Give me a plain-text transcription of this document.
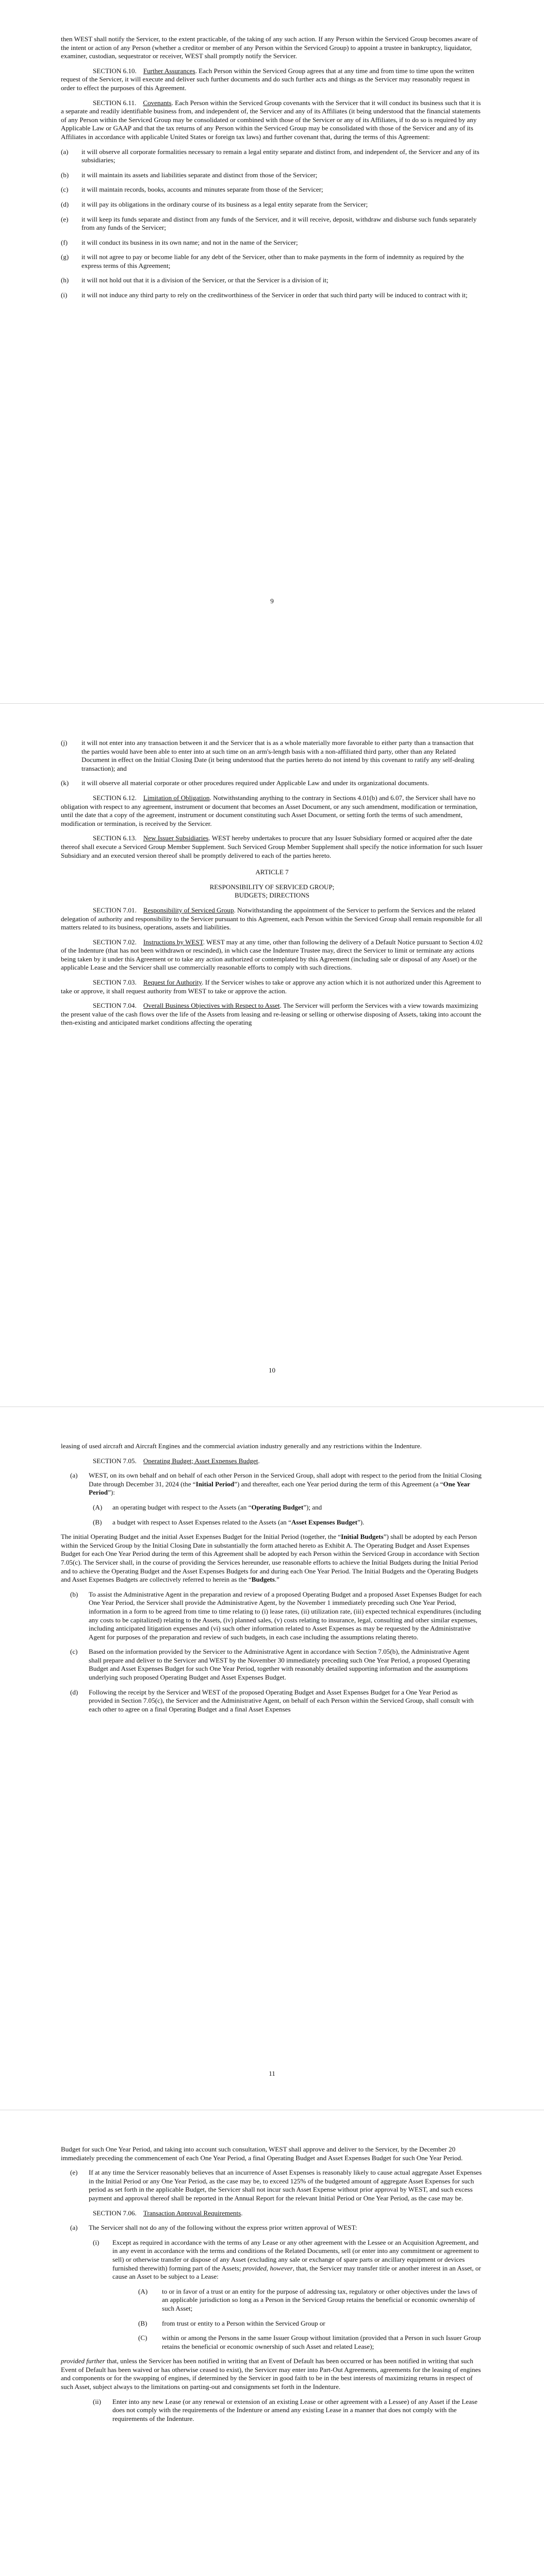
then WEST shall notify the Servicer, to the extent practicable, of the taking of any such action. If any Person within the Serviced Group becomes aware of the intent or action of any Person (whether a creditor or member of any Person within the Serviced Group) to appoint a trustee in bankruptcy, liquidator, examiner, custodian, sequestrator or receiver, WEST shall promptly notify the Servicer.

SECTION 6.10. Further Assurances. Each Person within the Serviced Group agrees that at any time and from time to time upon the written request of the Servicer, it will execute and deliver such further documents and do such further acts and things as the Servicer may reasonably request in order to effect the purposes of this Agreement.

SECTION 6.11. Covenants. Each Person within the Serviced Group covenants with the Servicer that it will conduct its business such that it is a separate and readily identifiable business from, and independent of, the Servicer and any of its Affiliates (it being understood that the financial statements of any Person within the Serviced Group may be consolidated or combined with those of the Servicer or any of its Affiliates, if to do so is required by any Applicable Law or GAAP and that the tax returns of any Person within the Serviced Group may be consolidated with those of the Servicer and any of its Affiliates in accordance with applicable United States or foreign tax laws) and further covenant that, during the terms of this Agreement:

(a) it will observe all corporate formalities necessary to remain a legal entity separate and distinct from, and independent of, the Servicer and any of its subsidiaries;

(b) it will maintain its assets and liabilities separate and distinct from those of the Servicer;

(c) it will maintain records, books, accounts and minutes separate from those of the Servicer;

(d) it will pay its obligations in the ordinary course of its business as a legal entity separate from the Servicer;

(e) it will keep its funds separate and distinct from any funds of the Servicer, and it will receive, deposit, withdraw and disburse such funds separately from any funds of the Servicer;

(f) it will conduct its business in its own name; and not in the name of the Servicer;

(g) it will not agree to pay or become liable for any debt of the Servicer, other than to make payments in the form of indemnity as required by the express terms of this Agreement;

(h) it will not hold out that it is a division of the Servicer, or that the Servicer is a division of it;

(i) it will not induce any third party to rely on the creditworthiness of the Servicer in order that such third party will be induced to contract with it;

9

(j) it will not enter into any transaction between it and the Servicer that is as a whole materially more favorable to either party than a transaction that the parties would have been able to enter into at such time on an arm's-length basis with a non-affiliated third party, other than any Related Document in effect on the Initial Closing Date (it being understood that the parties hereto do not intend by this covenant to ratify any self-dealing transaction); and

(k) it will observe all material corporate or other procedures required under Applicable Law and under its organizational documents.

SECTION 6.12. Limitation of Obligation. Notwithstanding anything to the contrary in Sections 4.01(b) and 6.07, the Servicer shall have no obligation with respect to any agreement, instrument or document that becomes an Asset Document, or any such amendment, modification or termination, until the date that a copy of the agreement, instrument or document constituting such Asset Document, or setting forth the terms of such amendment, modification or termination, is received by the Servicer.

SECTION 6.13. New Issuer Subsidiaries. WEST hereby undertakes to procure that any Issuer Subsidiary formed or acquired after the date thereof shall execute a Serviced Group Member Supplement. Such Serviced Group Member Supplement shall specify the notice information for such Issuer Subsidiary and an executed version thereof shall be promptly delivered to each of the parties hereto.

ARTICLE 7

RESPONSIBILITY OF SERVICED GROUP;

BUDGETS; DIRECTIONS

SECTION 7.01. Responsibility of Serviced Group. Notwithstanding the appointment of the Servicer to perform the Services and the related delegation of authority and responsibility to the Servicer pursuant to this Agreement, each Person within the Serviced Group shall remain responsible for all matters related to its business, operations, assets and liabilities.

SECTION 7.02. Instructions by WEST. WEST may at any time, other than following the delivery of a Default Notice pursuant to Section 4.02 of the Indenture (that has not been withdrawn or rescinded), in which case the Indenture Trustee may, direct the Servicer to limit or terminate any actions being taken by it under this Agreement or to take any action authorized or contemplated by this Agreement (including sale or disposal of any Asset) or the applicable Lease and the Servicer shall use commercially reasonable efforts to comply with such directions.

SECTION 7.03. Request for Authority. If the Servicer wishes to take or approve any action which it is not authorized under this Agreement to take or approve, it shall request authority from WEST to take or approve the action.

SECTION 7.04. Overall Business Objectives with Respect to Asset. The Servicer will perform the Services with a view towards maximizing the present value of the cash flows over the life of the Assets from leasing and re-leasing or selling or otherwise disposing of Assets, taking into account the then-existing and anticipated market conditions affecting the operating

10

leasing of used aircraft and Aircraft Engines and the commercial aviation industry generally and any restrictions within the Indenture.

SECTION 7.05. Operating Budget; Asset Expenses Budget.

(a) WEST, on its own behalf and on behalf of each other Person in the Serviced Group, shall adopt with respect to the period from the Initial Closing Date through December 31, 2024 (the “Initial Period”) and thereafter, each one Year period during the term of this Agreement (a “One Year Period”):

(A) an operating budget with respect to the Assets (an “Operating Budget”); and

(B) a budget with respect to Asset Expenses related to the Assets (an “Asset Expenses Budget”).

The initial Operating Budget and the initial Asset Expenses Budget for the Initial Period (together, the “Initial Budgets”) shall be adopted by each Person within the Serviced Group by the Initial Closing Date in substantially the form attached hereto as Exhibit A. The Operating Budget and Asset Expenses Budget for each One Year Period during the term of this Agreement shall be adopted by each Person within the Serviced Group in accordance with Section 7.05(c). The Servicer shall, in the course of providing the Services hereunder, use reasonable efforts to achieve the Initial Budgets during the Initial Period and to achieve the Operating Budget and the Asset Expenses Budgets for and during each One Year Period. The Initial Budgets and the Operating Budgets and Asset Expenses Budgets are collectively referred to herein as the “Budgets.”

(b) To assist the Administrative Agent in the preparation and review of a proposed Operating Budget and a proposed Asset Expenses Budget for each One Year Period, the Servicer shall provide the Administrative Agent, by the November 1 immediately preceding such One Year Period, information in a form to be agreed from time to time relating to (i) lease rates, (ii) utilization rate, (iii) expected technical expenditures (including any costs to be capitalized) relating to the Assets, (iv) planned sales, (v) costs relating to insurance, legal, consulting and other similar expenses, including anticipated litigation expenses and (vi) such other information related to Asset Expenses as may be requested by the Administrative Agent for purposes of the preparation and review of such budgets, in each case including the assumptions relating thereto.

(c) Based on the information provided by the Servicer to the Administrative Agent in accordance with Section 7.05(b), the Administrative Agent shall prepare and deliver to the Servicer and WEST by the November 30 immediately preceding such One Year Period, a proposed Operating Budget and Asset Expenses Budget for such One Year Period, together with reasonably detailed supporting information and the assumptions underlying such proposed Operating Budget and Asset Expenses Budget.

(d) Following the receipt by the Servicer and WEST of the proposed Operating Budget and Asset Expenses Budget for a One Year Period as provided in Section 7.05(c), the Servicer and the Administrative Agent, on behalf of each Person within the Serviced Group, shall consult with each other to agree on a final Operating Budget and a final Asset Expenses

11

Budget for such One Year Period, and taking into account such consultation, WEST shall approve and deliver to the Servicer, by the December 20 immediately preceding the commencement of each One Year Period, a final Operating Budget and Asset Expenses Budget for such One Year Period.

(e) If at any time the Servicer reasonably believes that an incurrence of Asset Expenses is reasonably likely to cause actual aggregate Asset Expenses in the Initial Period or any One Year Period, as the case may be, to exceed 125% of the budgeted amount of aggregate Asset Expenses for such period as set forth in the applicable Budget, the Servicer shall not incur such Asset Expense without prior approval by WEST, and such excess payment and approval thereof shall be reported in the Annual Report for the relevant Initial Period or One Year Period, as the case may be.

SECTION 7.06. Transaction Approval Requirements.

(a) The Servicer shall not do any of the following without the express prior written approval of WEST:

(i) Except as required in accordance with the terms of any Lease or any other agreement with the Lessee or an Acquisition Agreement, and in any event in accordance with the terms and conditions of the Related Documents, sell (or enter into any commitment or agreement to sell) or otherwise transfer or dispose of any Asset (excluding any sale or exchange of spare parts or ancillary equipment or devices furnished therewith) forming part of the Assets; provided, however, that, the Servicer may transfer title or another interest in an Asset, or cause an Asset to be subject to a Lease:

(A) to or in favor of a trust or an entity for the purpose of addressing tax, regulatory or other objectives under the laws of an applicable jurisdiction so long as a Person in the Serviced Group retains the beneficial or economic ownership of such Asset;

(B) from trust or entity to a Person within the Serviced Group or

(C) within or among the Persons in the same Issuer Group without limitation (provided that a Person in such Issuer Group retains the beneficial or economic ownership of such Asset and related Lease);

provided further that, unless the Servicer has been notified in writing that an Event of Default has been occurred or has been notified in writing that such Event of Default has been waived or has otherwise ceased to exist), the Servicer may enter into Part-Out Agreements, agreements for the leasing of engines and components or for the swapping of engines, if determined by the Servicer in good faith to be in the best interests of maximizing returns in respect of such Asset, subject always to the limitations on parting-out and consignments set forth in the Indenture.

(ii) Enter into any new Lease (or any renewal or extension of an existing Lease or other agreement with a Lessee) of any Asset if the Lease does not comply with the requirements of the Indenture or amend any existing Lease in a manner that does not comply with the requirements of the Indenture.
